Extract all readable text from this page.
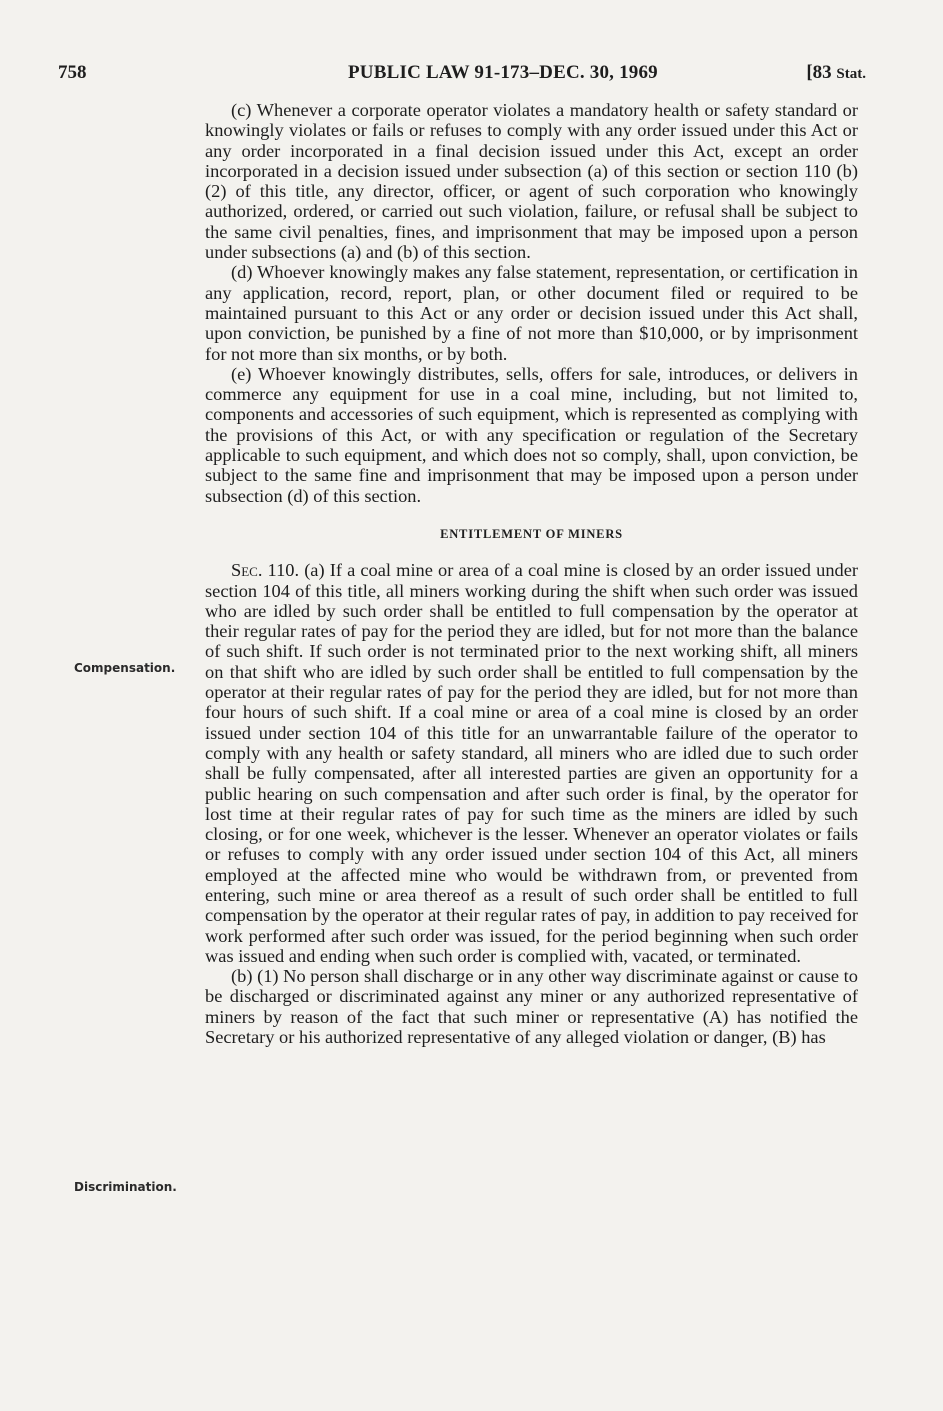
758	PUBLIC LAW 91-173–DEC. 30, 1969	[83 Stat.
Compensation.
Discrimination.

(c) Whenever a corporate operator violates a mandatory health or safety standard or knowingly violates or fails or refuses to comply with any order issued under this Act or any order incorporated in a final decision issued under this Act, except an order incorporated in a decision issued under subsection (a) of this section or section 110 (b) (2) of this title, any director, officer, or agent of such corporation who knowingly authorized, ordered, or carried out such violation, failure, or refusal shall be subject to the same civil penalties, fines, and imprisonment that may be imposed upon a person under subsections (a) and (b) of this section.

(d) Whoever knowingly makes any false statement, representation, or certification in any application, record, report, plan, or other document filed or required to be maintained pursuant to this Act or any order or decision issued under this Act shall, upon conviction, be punished by a fine of not more than $10,000, or by imprisonment for not more than six months, or by both.

(e) Whoever knowingly distributes, sells, offers for sale, introduces, or delivers in commerce any equipment for use in a coal mine, including, but not limited to, components and accessories of such equipment, which is represented as complying with the provisions of this Act, or with any specification or regulation of the Secretary applicable to such equipment, and which does not so comply, shall, upon conviction, be subject to the same fine and imprisonment that may be imposed upon a person under subsection (d) of this section.

ENTITLEMENT OF MINERS

Sec. 110. (a) If a coal mine or area of a coal mine is closed by an order issued under section 104 of this title, all miners working during the shift when such order was issued who are idled by such order shall be entitled to full compensation by the operator at their regular rates of pay for the period they are idled, but for not more than the balance of such shift. If such order is not terminated prior to the next working shift, all miners on that shift who are idled by such order shall be entitled to full compensation by the operator at their regular rates of pay for the period they are idled, but for not more than four hours of such shift. If a coal mine or area of a coal mine is closed by an order issued under section 104 of this title for an unwarrantable failure of the operator to comply with any health or safety standard, all miners who are idled due to such order shall be fully compensated, after all interested parties are given an opportunity for a public hearing on such compensation and after such order is final, by the operator for lost time at their regular rates of pay for such time as the miners are idled by such closing, or for one week, whichever is the lesser. Whenever an operator violates or fails or refuses to comply with any order issued under section 104 of this Act, all miners employed at the affected mine who would be withdrawn from, or prevented from entering, such mine or area thereof as a result of such order shall be entitled to full compensation by the operator at their regular rates of pay, in addition to pay received for work performed after such order was issued, for the period beginning when such order was issued and ending when such order is complied with, vacated, or terminated.

(b) (1) No person shall discharge or in any other way discriminate against or cause to be discharged or discriminated against any miner or any authorized representative of miners by reason of the fact that such miner or representative (A) has notified the Secretary or his authorized representative of any alleged violation or danger, (B) has
